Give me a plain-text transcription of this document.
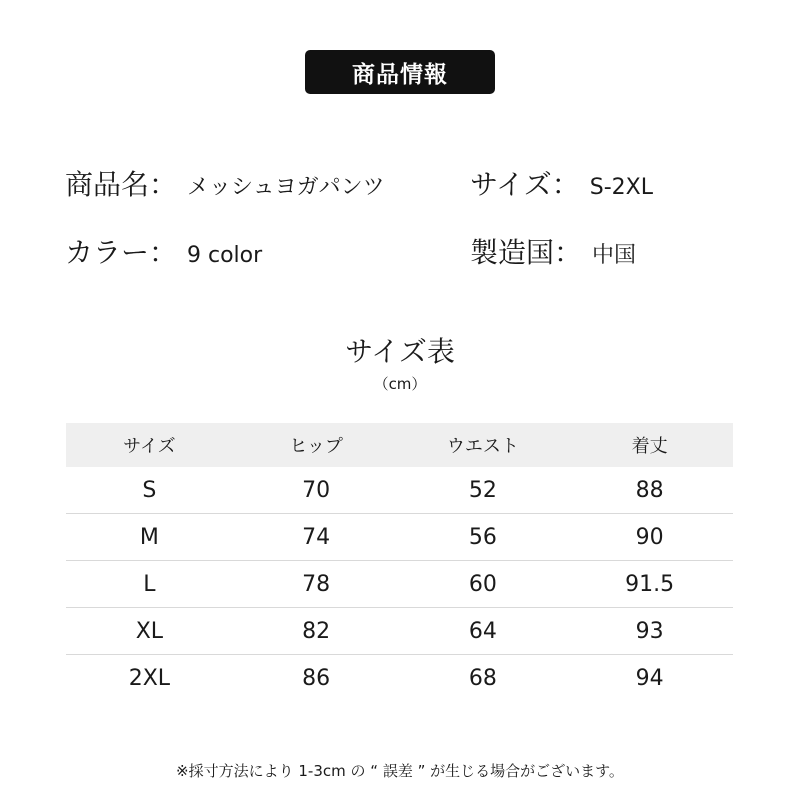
商品情報
商品名： メッシュヨガパンツ	サイズ： S-2XL
カラー： 9 color	製造国： 中国
サイズ表
（cm）
サイズ	ヒップ	ウエスト	着丈
S	70	52	88
M	74	56	90
L	78	60	91.5
XL	82	64	93
2XL	86	68	94
※採寸方法により 1-3cm の “ 誤差 ” が生じる場合がございます。
